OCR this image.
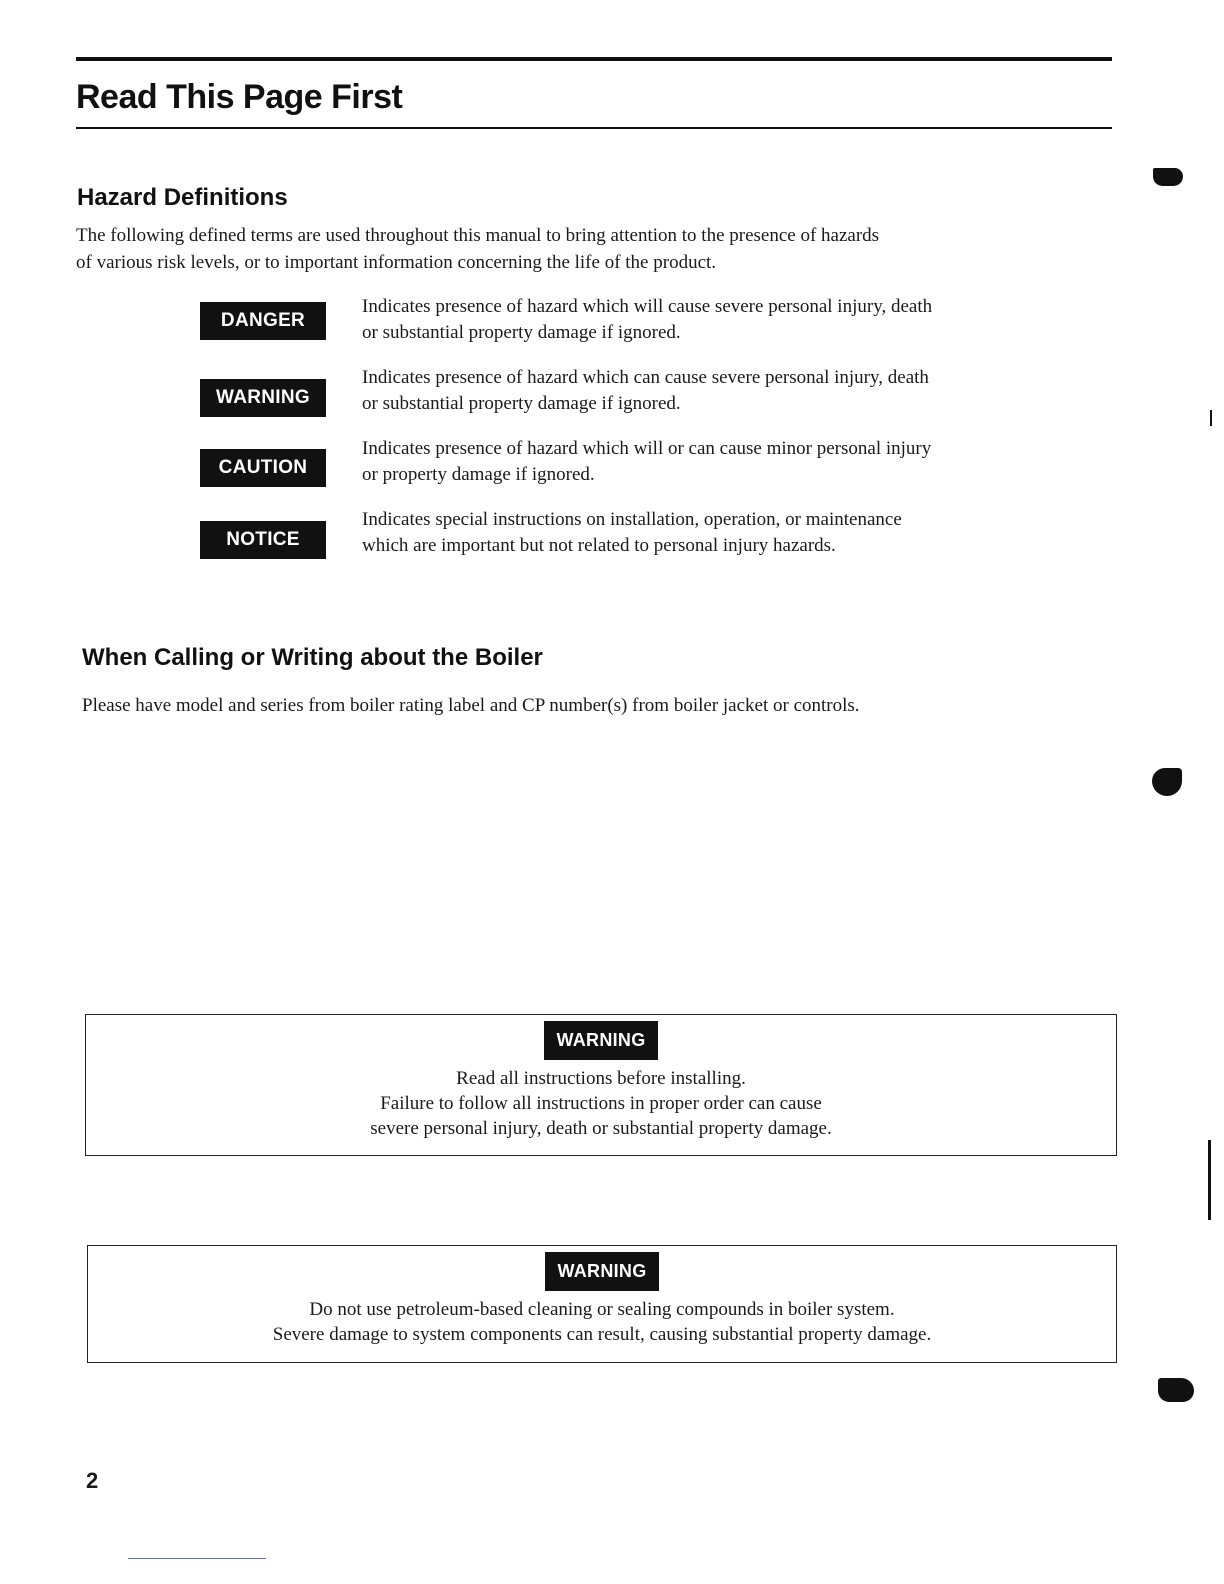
Read This Page First
Hazard Definitions

The following defined terms are used throughout this manual to bring attention to the presence of hazards
of various risk levels, or to important information concerning the life of the product.

DANGER

Indicates presence of hazard which will cause severe personal injury, death
or substantial property damage if ignored.

WARNING

Indicates presence of hazard which can cause severe personal injury, death
or substantial property damage if ignored.

CAUTION

Indicates presence of hazard which will or can cause minor personal injury
or property damage if ignored.

NOTICE

Indicates special instructions on installation, operation, or maintenance
which are important but not related to personal injury hazards.

When Calling or Writing about the Boiler

Please have model and series from boiler rating label and CP number(s) from boiler jacket or controls.

WARNING
Read all instructions before installing.
Failure to follow all instructions in proper order can cause
severe personal injury, death or substantial property damage.
WARNING
Do not use petroleum-based cleaning or sealing compounds in boiler system.
Severe damage to system components can result, causing substantial property damage.
2
